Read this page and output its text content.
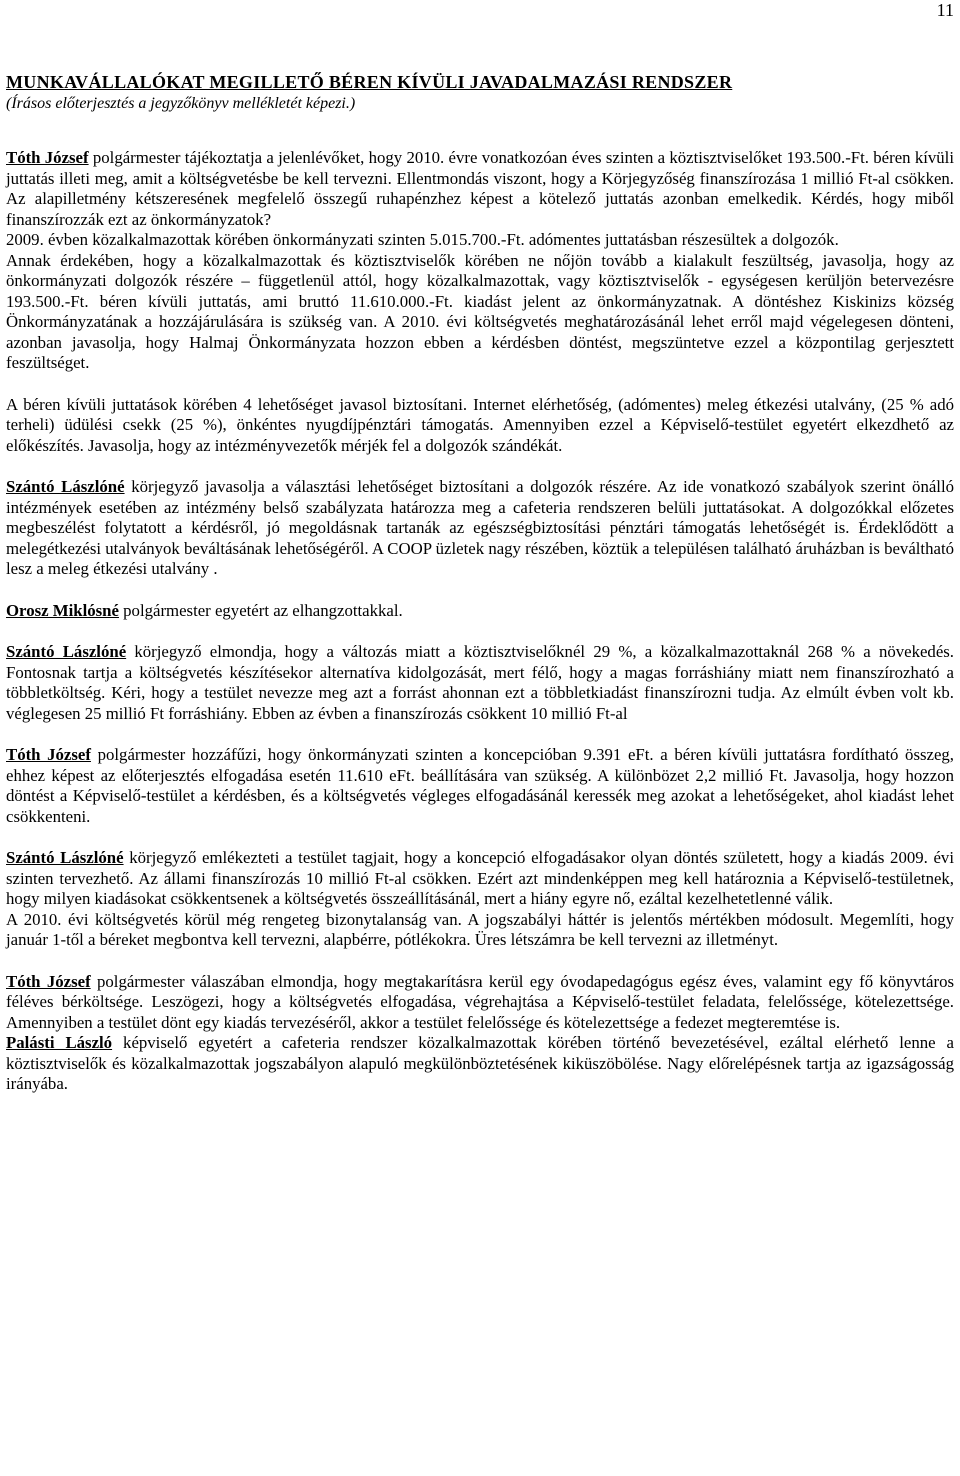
11
MUNKAVÁLLALÓKAT MEGILLETŐ BÉREN KÍVÜLI JAVADALMAZÁSI RENDSZER
(Írásos előterjesztés a jegyzőkönyv mellékletét képezi.)

Tóth József polgármester tájékoztatja a jelenlévőket, hogy 2010. évre vonatkozóan éves szinten a köztisztviselőket 193.500.-Ft. béren kívüli juttatás illeti meg, amit a költségvetésbe be kell tervezni. Ellentmondás viszont, hogy a Körjegyzőség finanszírozása 1 millió Ft-al csökken. Az alapilletmény kétszeresének megfelelő összegű ruhapénzhez képest a kötelező juttatás azonban emelkedik. Kérdés, hogy miből finanszírozzák ezt az önkormányzatok?

2009. évben közalkalmazottak körében önkormányzati szinten 5.015.700.-Ft. adómentes juttatásban részesültek a dolgozók.

Annak érdekében, hogy a közalkalmazottak és köztisztviselők körében ne nőjön tovább a kialakult feszültség, javasolja, hogy az önkormányzati dolgozók részére – függetlenül attól, hogy közalkalmazottak, vagy köztisztviselők - egységesen kerüljön betervezésre 193.500.-Ft. béren kívüli juttatás, ami bruttó 11.610.000.-Ft. kiadást jelent az önkormányzatnak. A döntéshez Kiskinizs község Önkormányzatának a hozzájárulására is szükség van. A 2010. évi költségvetés meghatározásánál lehet erről majd végelegesen dönteni, azonban javasolja, hogy Halmaj Önkormányzata hozzon ebben a kérdésben döntést, megszüntetve ezzel a központilag gerjesztett feszültséget.

A béren kívüli juttatások körében 4 lehetőséget javasol biztosítani. Internet elérhetőség, (adómentes) meleg étkezési utalvány, (25 % adó terheli) üdülési csekk (25 %), önkéntes nyugdíjpénztári támogatás. Amennyiben ezzel a Képviselő-testület egyetért elkezdhető az előkészítés. Javasolja, hogy az intézményvezetők mérjék fel a dolgozók szándékát.

Szántó Lászlóné körjegyző javasolja a választási lehetőséget biztosítani a dolgozók részére. Az ide vonatkozó szabályok szerint önálló intézmények esetében az intézmény belső szabályzata határozza meg a cafeteria rendszeren belüli juttatásokat. A dolgozókkal előzetes megbeszélést folytatott a kérdésről, jó megoldásnak tartanák az egészségbiztosítási pénztári támogatás lehetőségét is. Érdeklődött a melegétkezési utalványok beváltásának lehetőségéről. A COOP üzletek nagy részében, köztük a településen található áruházban is beváltható lesz a meleg étkezési utalvány .

Orosz Miklósné polgármester egyetért az elhangzottakkal.

Szántó Lászlóné körjegyző elmondja, hogy a változás miatt a köztisztviselőknél 29 %, a közalkalmazottaknál 268 % a növekedés. Fontosnak tartja a költségvetés készítésekor alternatíva kidolgozását, mert félő, hogy a magas forráshiány miatt nem finanszírozható a többletköltség. Kéri, hogy a testület nevezze meg azt a forrást ahonnan ezt a többletkiadást finanszírozni tudja. Az elmúlt évben volt kb. véglegesen 25 millió Ft forráshiány. Ebben az évben a finanszírozás csökkent 10 millió Ft-al

Tóth József polgármester hozzáfűzi, hogy önkormányzati szinten a koncepcióban 9.391 eFt. a béren kívüli juttatásra fordítható összeg, ehhez képest az előterjesztés elfogadása esetén 11.610 eFt. beállítására van szükség. A különbözet 2,2 millió Ft. Javasolja, hogy hozzon döntést a Képviselő-testület a kérdésben, és a költségvetés végleges elfogadásánál keressék meg azokat a lehetőségeket, ahol kiadást lehet csökkenteni.

Szántó Lászlóné körjegyző emlékezteti a testület tagjait, hogy a koncepció elfogadásakor olyan döntés született, hogy a kiadás 2009. évi szinten tervezhető. Az állami finanszírozás 10 millió Ft-al csökken. Ezért azt mindenképpen meg kell határoznia a Képviselő-testületnek, hogy milyen kiadásokat csökkentsenek a költségvetés összeállításánál, mert a hiány egyre nő, ezáltal kezelhetetlenné válik.

A 2010. évi költségvetés körül még rengeteg bizonytalanság van. A jogszabályi háttér is jelentős mértékben módosult. Megemlíti, hogy január 1-től a béreket megbontva kell tervezni, alapbérre, pótlékokra. Üres létszámra be kell tervezni az illetményt.

Tóth József polgármester válaszában elmondja, hogy megtakarításra kerül egy óvodapedagógus egész éves, valamint egy fő könyvtáros féléves bérköltsége. Leszögezi, hogy a költségvetés elfogadása, végrehajtása a Képviselő-testület feladata, felelőssége, kötelezettsége. Amennyiben a testület dönt egy kiadás tervezéséről, akkor a testület felelőssége és kötelezettsége a fedezet megteremtése is.

Palásti László képviselő egyetért a cafeteria rendszer közalkalmazottak körében történő bevezetésével, ezáltal elérhető lenne a köztisztviselők és közalkalmazottak jogszabályon alapuló megkülönböztetésének kiküszöbölése. Nagy előrelépésnek tartja az igazságosság irányába.
